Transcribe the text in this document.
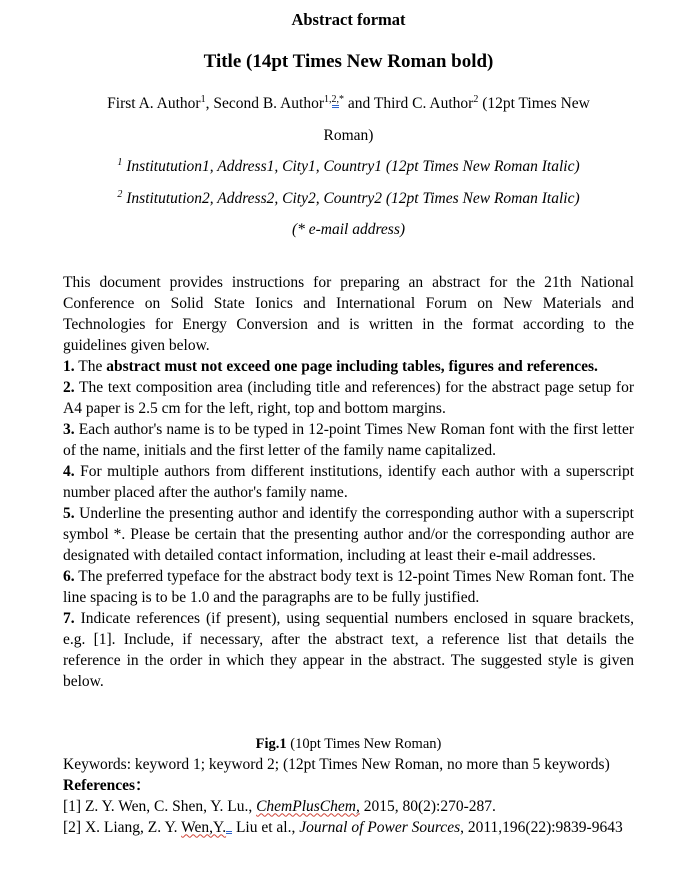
Abstract format

Title (14pt Times New Roman bold)

First A. Author$^1$, Second B. Author$^{1,2,*}$ and Third C. Author$^2$ (12pt Times New
Roman)
$^1$ Institutution1, Address1, City1, Country1 (12pt Times New Roman Italic)
$^2$ Institutution2, Address2, City2, Country2 (12pt Times New Roman Italic)
(* e-mail address)

This document provides instructions for preparing an abstract for the 21th National Conference on Solid State Ionics and International Forum on New Materials and Technologies for Energy Conversion and is written in the format according to the guidelines given below.

1. The abstract must not exceed one page including tables, figures and references.

2. The text composition area (including title and references) for the abstract page setup for A4 paper is 2.5 cm for the left, right, top and bottom margins.

3. Each author's name is to be typed in 12-point Times New Roman font with the first letter of the name, initials and the first letter of the family name capitalized.

4. For multiple authors from different institutions, identify each author with a superscript number placed after the author's family name.

5. Underline the presenting author and identify the corresponding author with a superscript symbol *. Please be certain that the presenting author and/or the corresponding author are designated with detailed contact information, including at least their e-mail addresses.

6. The preferred typeface for the abstract body text is 12-point Times New Roman font. The line spacing is to be 1.0 and the paragraphs are to be fully justified.

7. Indicate references (if present), using sequential numbers enclosed in square brackets, e.g. [1]. Include, if necessary, after the abstract text, a reference list that details the reference in the order in which they appear in the abstract. The suggested style is given below.

Fig.1 (10pt Times New Roman)

Keywords: keyword 1; keyword 2; (12pt Times New Roman, no more than 5 keywords)

References：

[1] Z. Y. Wen, C. Shen, Y. Lu., ChemPlusChem, 2015, 80(2):270-287.

[2] X. Liang, Z. Y. Wen,Y. Liu et al., Journal of Power Sources, 2011,196(22):9839-9643
